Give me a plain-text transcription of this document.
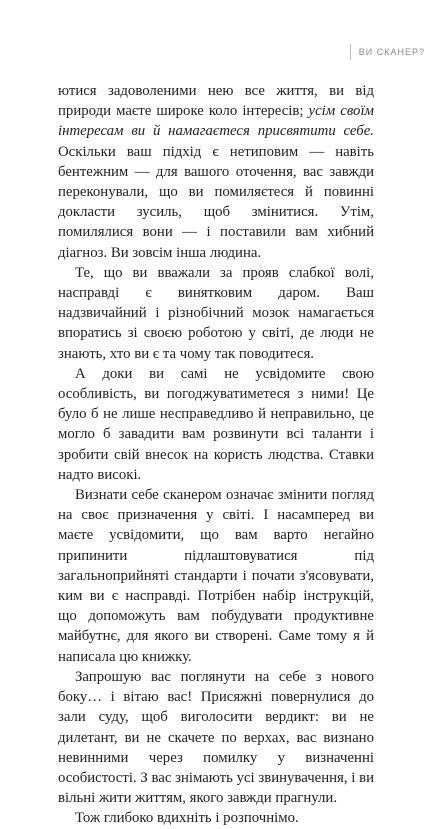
ВИ СКАНЕР?

ютися задоволеними нею все життя, ви від природи маєте широке коло інтересів; усім своїм інтересам ви й намагаєтеся присвятити себе. Оскільки ваш підхід є нетиповим — навіть бентежним — для вашого оточення, вас завжди переконували, що ви помиляєтеся й повинні докласти зусиль, щоб змінитися. Утім, помилялися вони — і поставили вам хибний діагноз. Ви зовсім інша людина.

Те, що ви вважали за прояв слабкої волі, насправді є винятковим даром. Ваш надзвичайний і різнобічний мозок намагається впоратись зі своєю роботою у світі, де люди не знають, хто ви є та чому так поводитеся.

А доки ви самі не усвідомите свою особливість, ви погоджуватиметеся з ними! Це було б не лише несправедливо й неправильно, це могло б завадити вам розвинути всі таланти і зробити свій внесок на користь людства. Ставки надто високі.

Визнати себе сканером означає змінити погляд на своє призначення у світі. І насамперед ви маєте усвідомити, що вам варто негайно припинити підлаштовуватися під загальноприйняті стандарти і почати з'ясовувати, ким ви є насправді. Потрібен набір інструкцій, що допоможуть вам побудувати продуктивне майбутнє, для якого ви створені. Саме тому я й написала цю книжку.

Запрошую вас поглянути на себе з нового боку… і вітаю вас! Присяжні повернулися до зали суду, щоб виголосити вердикт: ви не дилетант, ви не скачете по верхах, вас визнано невинними через помилку у визначенні особистості. З вас знімають усі звинувачення, і ви вільні жити життям, якого завжди прагнули.

Тож глибоко вдихніть і розпочнімо.
